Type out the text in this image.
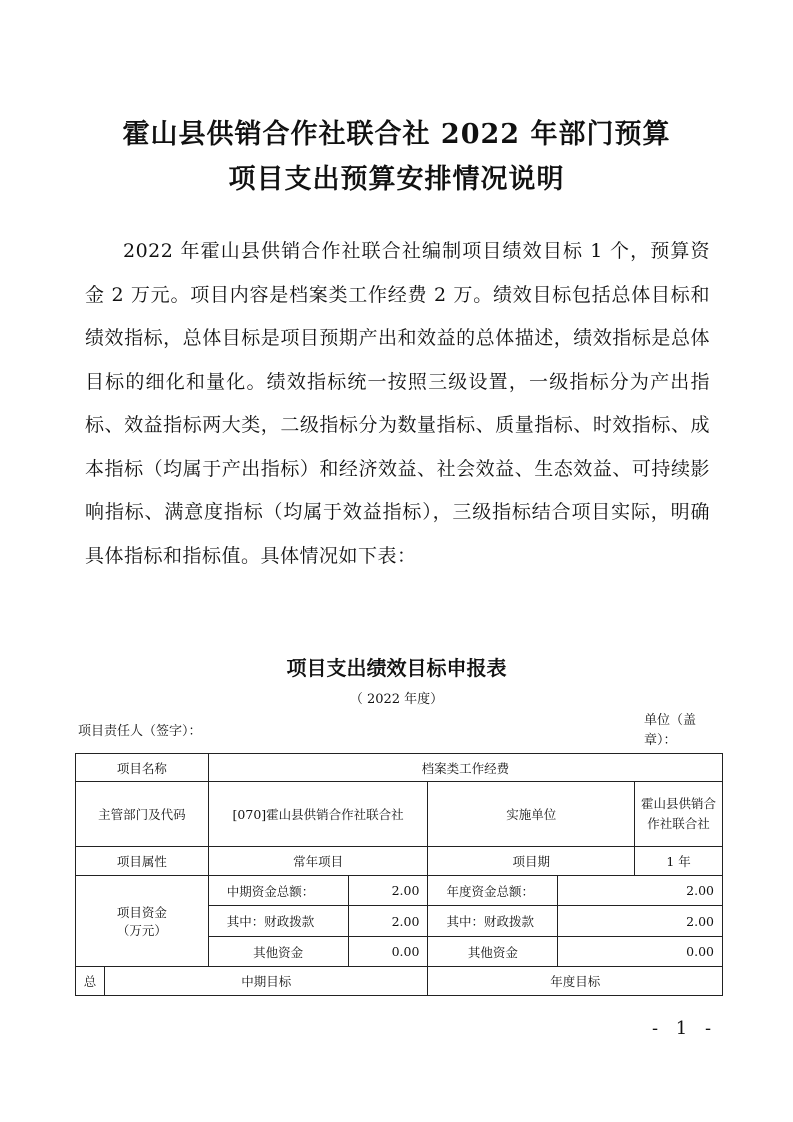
霍山县供销合作社联合社 2022 年部门预算
项目支出预算安排情况说明

2022 年霍山县供销合作社联合社编制项目绩效目标 1 个，预算资金 2 万元。项目内容是档案类工作经费 2 万。绩效目标包括总体目标和绩效指标，总体目标是项目预期产出和效益的总体描述，绩效指标是总体目标的细化和量化。绩效指标统一按照三级设置，一级指标分为产出指标、效益指标两大类，二级指标分为数量指标、质量指标、时效指标、成本指标（均属于产出指标）和经济效益、社会效益、生态效益、可持续影响指标、满意度指标（均属于效益指标），三级指标结合项目实际，明确具体指标和指标值。具体情况如下表：

项目支出绩效目标申报表
（ 2022 年度）
项目责任人（签字）：
单位（盖章）：
项目名称		档案类工作经费				
主管部门及代码		[070]霍山县供销合作社联合社		实施单位		霍山县供销合作社联合社
项目属性		常年项目		项目期		1 年

项目资金
（万元）		中期资金总额：	2.00	年度资金总额：	2.00	
		其中：财政拨款	2.00	其中：财政拨款	2.00	
		其他资金	0.00	其他资金	0.00	
总	中期目标			年度目标		
- 1 -
